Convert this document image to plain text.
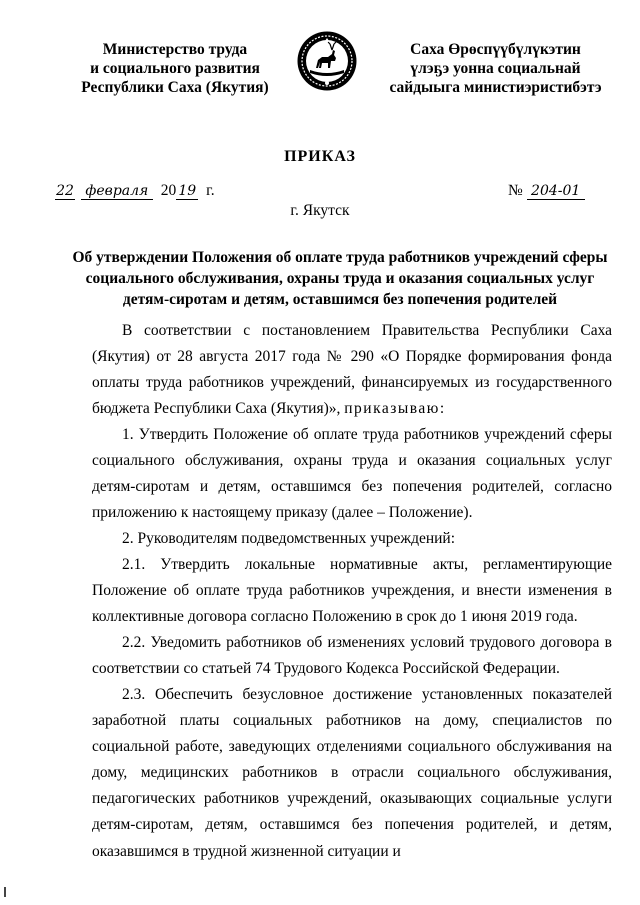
Министерство труда
и социального развития
Республики Саха (Якутия)
Саха Өрөспүүбүлүкэтин
үлэҕэ уонна социальнай
сайдыыга министиэристибэтэ
ПРИКАЗ
22 февраля 20 19 г.	№ 204-01
г. Якутск
Об утверждении Положения об оплате труда работников учреждений сферы социального обслуживания, охраны труда и оказания социальных услуг детям-сиротам и детям, оставшимся без попечения родителей
В соответствии с постановлением Правительства Республики Саха (Якутия) от 28 августа 2017 года № 290 «О Порядке формирования фонда оплаты труда работников учреждений, финансируемых из государственного бюджета Республики Саха (Якутия)», приказываю:
1. Утвердить Положение об оплате труда работников учреждений сферы социального обслуживания, охраны труда и оказания социальных услуг детям-сиротам и детям, оставшимся без попечения родителей, согласно приложению к настоящему приказу (далее – Положение).
2. Руководителям подведомственных учреждений:
2.1. Утвердить локальные нормативные акты, регламентирующие Положение об оплате труда работников учреждения, и внести изменения в коллективные договора согласно Положению в срок до 1 июня 2019 года.
2.2. Уведомить работников об изменениях условий трудового договора в соответствии со статьей 74 Трудового Кодекса Российской Федерации.
2.3. Обеспечить безусловное достижение установленных показателей заработной платы социальных работников на дому, специалистов по социальной работе, заведующих отделениями социального обслуживания на дому, медицинских работников в отрасли социального обслуживания, педагогических работников учреждений, оказывающих социальные услуги детям-сиротам, детям, оставшимся без попечения родителей, и детям, оказавшимся в трудной жизненной ситуации и
